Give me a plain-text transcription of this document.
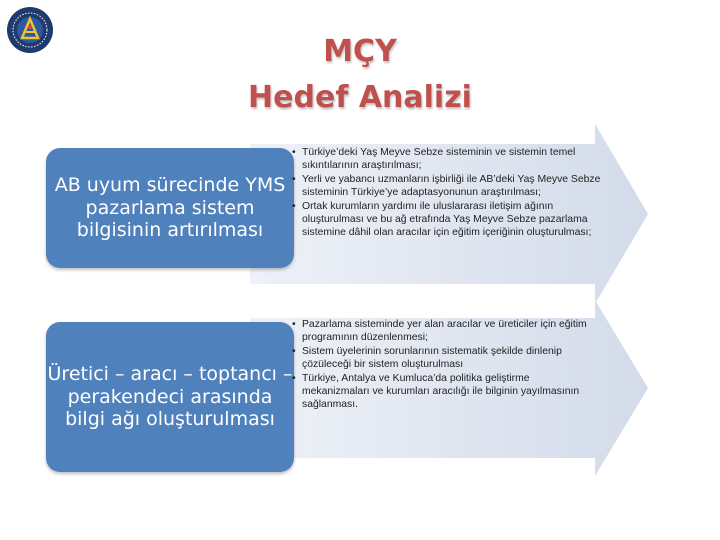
MÇY
Hedef Analizi
AB uyum sürecinde YMS pazarlama sistem bilgisinin artırılması
Üretici – aracı – toptancı – perakendeci arasında bilgi ağı oluşturulması
• Türkiye’deki Yaş Meyve Sebze sisteminin ve sistemin temel sıkıntılarının araştırılması;
• Yerli ve yabancı uzmanların işbirliği ile AB’deki Yaş Meyve Sebze sisteminin Türkiye’ye adaptasyonunun araştırılması;
• Ortak kurumların yardımı ile uluslararası iletişim ağının oluşturulması ve bu ağ etrafında Yaş Meyve Sebze pazarlama sistemine dâhil olan aracılar için eğitim içeriğinin oluşturulması;
• Pazarlama sisteminde yer alan aracılar ve üreticiler için eğitim programının düzenlenmesi;
• Sistem üyelerinin sorunlarının sistematik şekilde dinlenip çözüleceği bir sistem oluşturulması
• Türkiye, Antalya ve Kumluca’da politika geliştirme mekanizmaları ve kurumları aracılığı ile bilginin yayılmasının sağlanması.
